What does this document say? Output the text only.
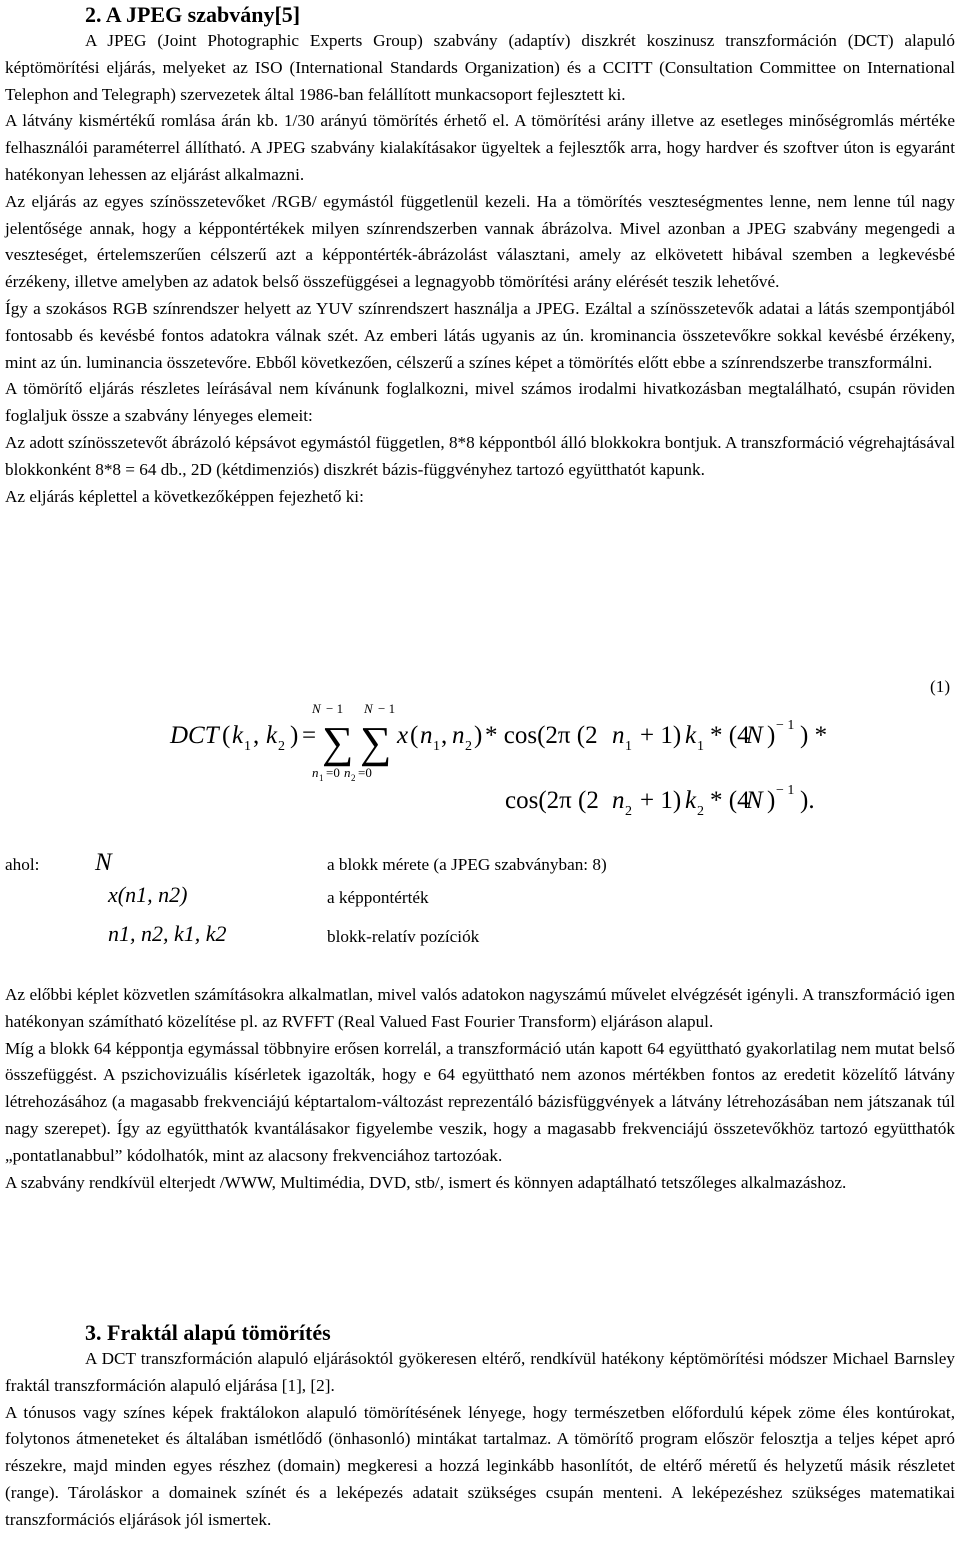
2. A JPEG szabvány[5]

A JPEG (Joint Photographic Experts Group) szabvány (adaptív) diszkrét koszinusz transzformáción (DCT) alapuló képtömörítési eljárás, melyeket az ISO (International Standards Organization) és a CCITT (Consultation Committee on International Telephon and Telegraph) szervezetek által 1986-ban felállított munkacsoport fejlesztett ki.

A látvány kismértékű romlása árán kb. 1/30 arányú tömörítés érhető el. A tömörítési arány illetve az esetleges minőségromlás mértéke felhasználói paraméterrel állítható. A JPEG szabvány kialakításakor ügyeltek a fejlesztők arra, hogy hardver és szoftver úton is egyaránt hatékonyan lehessen az eljárást alkalmazni.

Az eljárás az egyes színösszetevőket /RGB/ egymástól függetlenül kezeli. Ha a tömörítés veszteségmentes lenne, nem lenne túl nagy jelentősége annak, hogy a képpontértékek milyen színrendszerben vannak ábrázolva. Mivel azonban a JPEG szabvány megengedi a veszteséget, értelemszerűen célszerű azt a képpontérték-ábrázolást választani, amely az elkövetett hibával szemben a legkevésbé érzékeny, illetve amelyben az adatok belső összefüggései a legnagyobb tömörítési arány elérését teszik lehetővé.

Így a szokásos RGB színrendszer helyett az YUV színrendszert használja a JPEG. Ezáltal a színösszetevők adatai a látás szempontjából fontosabb és kevésbé fontos adatokra válnak szét. Az emberi látás ugyanis az ún. krominancia összetevőkre sokkal kevésbé érzékeny, mint az ún. luminancia összetevőre. Ebből következően, célszerű a színes képet a tömörítés előtt ebbe a színrendszerbe transzformálni.

A tömörítő eljárás részletes leírásával nem kívánunk foglalkozni, mivel számos irodalmi hivatkozásban megtalálható, csupán röviden foglaljuk össze a szabvány lényeges elemeit:

Az adott színösszetevőt ábrázoló képsávot egymástól független, 8*8 képpontból álló blokkokra bontjuk. A transzformáció végrehajtásával blokkonként 8*8 = 64 db., 2D (kétdimenziós) diszkrét bázis-függvényhez tartozó együtthatót kapunk.

Az eljárás képlettel a következőképpen fejezhető ki:

(1)
DCT ( k 1 , k 2 ) =
N − 1 N − 1
∑ ∑
n 1 =0 n 2 =0
x ( n 1 , n 2 ) * cos(2π (2 n 1 + 1) k 1 * (4
N ) − 1 ) *
cos(2π (2 n 2 + 1) k 2 * (4
N ) − 1 ).
ahol: N	a blokk mérete (a JPEG szabványban: 8)
x(n1, n2)	a képpontérték
n1, n2, k1, k2	blokk-relatív pozíciók

Az előbbi képlet közvetlen számításokra alkalmatlan, mivel valós adatokon nagyszámú művelet elvégzését igényli. A transzformáció igen hatékonyan számítható közelítése pl. az RVFFT (Real Valued Fast Fourier Transform) eljáráson alapul.

Míg a blokk 64 képpontja egymással többnyire erősen korrelál, a transzformáció után kapott 64 együttható gyakorlatilag nem mutat belső összefüggést. A pszichovizuális kísérletek igazolták, hogy e 64 együttható nem azonos mértékben fontos az eredetit közelítő látvány létrehozásához (a magasabb frekvenciájú képtartalom-változást reprezentáló bázisfüggvények a látvány létrehozásában nem játszanak túl nagy szerepet). Így az együtthatók kvantálásakor figyelembe veszik, hogy a magasabb frekvenciájú összetevőkhöz tartozó együtthatók „pontatlanabbul” kódolhatók, mint az alacsony frekvenciához tartozóak.

A szabvány rendkívül elterjedt /WWW, Multimédia, DVD, stb/, ismert és könnyen adaptálható tetszőleges alkalmazáshoz.

3. Fraktál alapú tömörítés

A DCT transzformáción alapuló eljárásoktól gyökeresen eltérő, rendkívül hatékony képtömörítési módszer Michael Barnsley fraktál transzformáción alapuló eljárása [1], [2].

A tónusos vagy színes képek fraktálokon alapuló tömörítésének lényege, hogy természetben előfordulú képek zöme éles kontúrokat, folytonos átmeneteket és általában ismétlődő (önhasonló) mintákat tartalmaz. A tömörítő program először felosztja a teljes képet apró részekre, majd minden egyes részhez (domain) megkeresi a hozzá leginkább hasonlítót, de eltérő méretű és helyzetű másik részletet (range). Tároláskor a domainek színét és a leképezés adatait szükséges csupán menteni. A leképezéshez szükséges matematikai transzformációs eljárások jól ismertek.
